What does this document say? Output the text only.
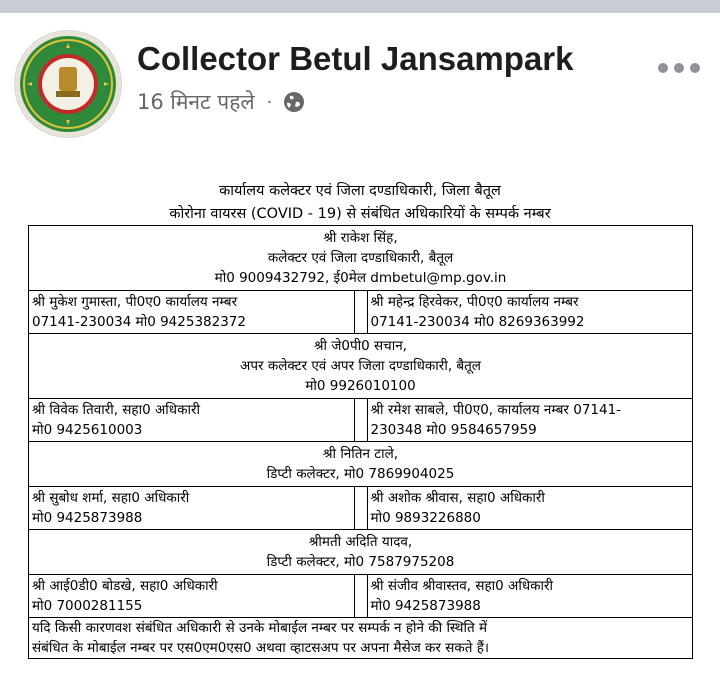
Collector Betul Jansampark
16 मिनट पहले ·
कार्यालय कलेक्टर एवं जिला दण्डाधिकारी, जिला बैतूल
कोरोना वायरस (COVID - 19) से संबंधित अधिकारियों के सम्पर्क नम्बर
श्री राकेश सिंह,
कलेक्टर एवं जिला दण्डाधिकारी, बैतूल
मो0 9009432792, ई0मेल dmbetul@mp.gov.in
श्री मुकेश गुमास्ता, पी0ए0 कार्यालय नम्बर
07141-230034 मो0 9425382372
श्री महेन्द्र हिरवेकर, पी0ए0 कार्यालय नम्बर
07141-230034 मो0 8269363992
श्री जे0पी0 सचान,
अपर कलेक्टर एवं अपर जिला दण्डाधिकारी, बैतूल
मो0 9926010100
श्री विवेक तिवारी, सहा0 अधिकारी
मो0 9425610003
श्री रमेश साबले, पी0ए0, कार्यालय नम्बर 07141-
230348 मो0 9584657959
श्री नितिन टाले,
डिप्टी कलेक्टर, मो0 7869904025
श्री सुबोध शर्मा, सहा0 अधिकारी
मो0 9425873988
श्री अशोक श्रीवास, सहा0 अधिकारी
मो0 9893226880
श्रीमती अदिति यादव,
डिप्टी कलेक्टर, मो0 7587975208
श्री आई0डी0 बोडखे, सहा0 अधिकारी
मो0 7000281155
श्री संजीव श्रीवास्तव, सहा0 अधिकारी
मो0 9425873988
यदि किसी कारणवश संबंधित अधिकारी से उनके मोबाईल नम्बर पर सम्पर्क न होने की स्थिति में
संबंधित के मोबाईल नम्बर पर एस0एम0एस0 अथवा व्हाटसअप पर अपना मैसेज कर सकते हैं।
